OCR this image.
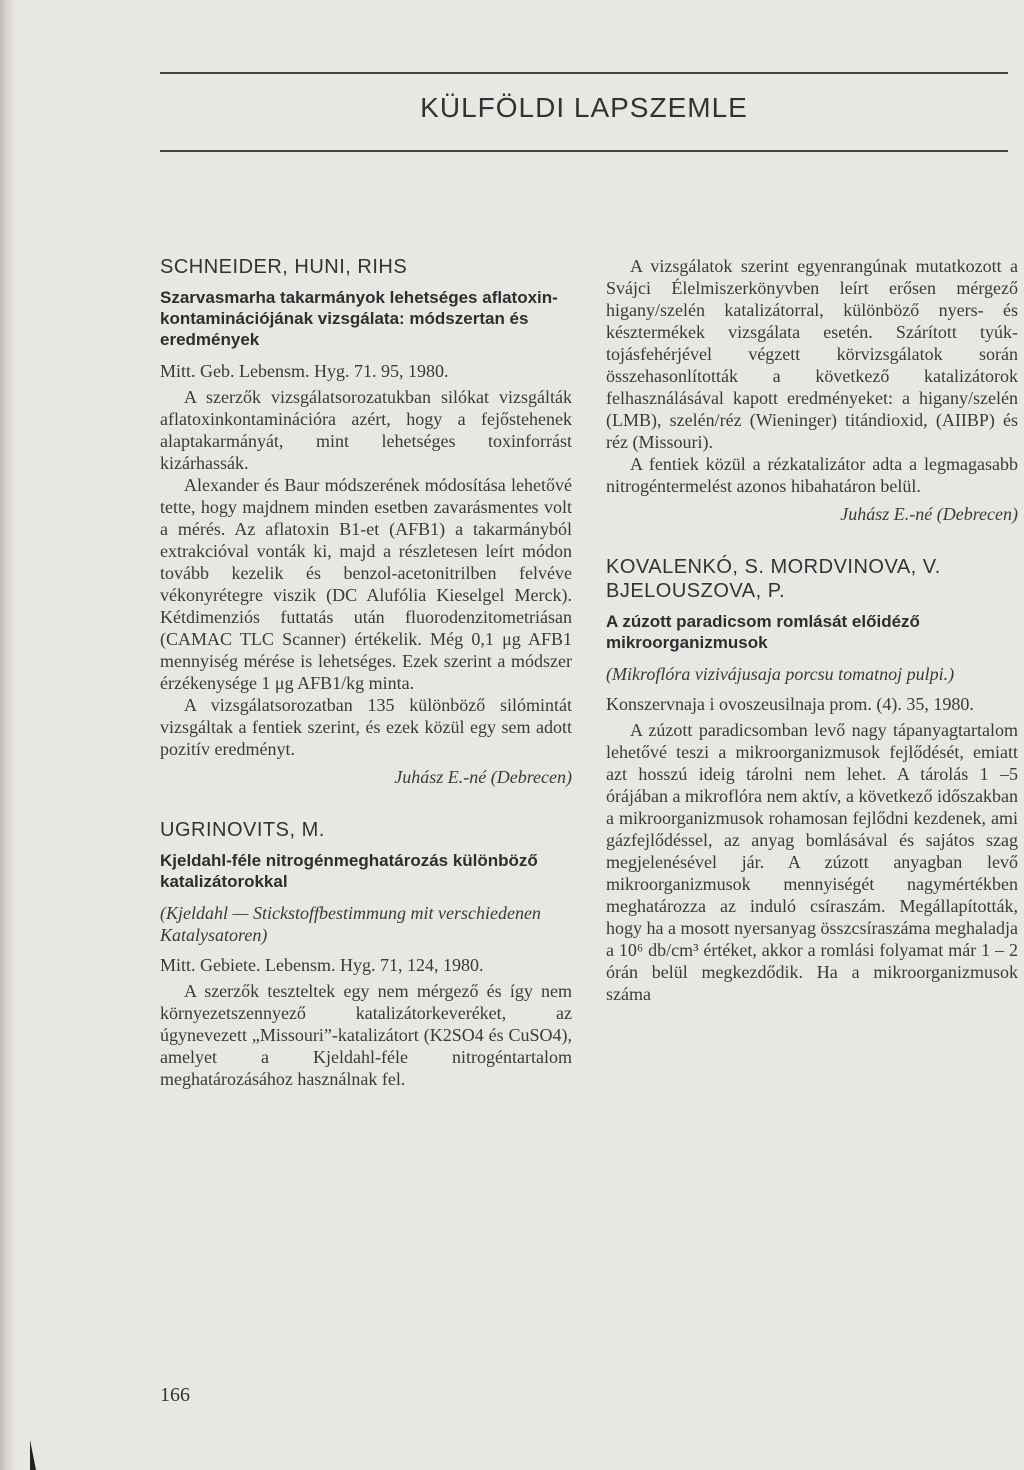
KÜLFÖLDI LAPSZEMLE

SCHNEIDER, HUNI, RIHS

Szarvasmarha takarmányok lehetséges aflatoxin-kontaminációjának vizsgálata: módszertan és eredmények

Mitt. Geb. Lebensm. Hyg. 71. 95, 1980.

A szerzők vizsgálatsorozatukban silókat vizsgálták aflatoxinkontaminációra azért, hogy a fejőstehenek alaptakarmányát, mint lehetséges toxinforrást kizárhassák.

Alexander és Baur módszerének módosítása lehetővé tette, hogy majdnem minden esetben zavarásmentes volt a mérés. Az aflatoxin B1-et (AFB1) a takarmányból extrakcióval vonták ki, majd a részletesen leírt módon tovább kezelik és benzol-acetonitrilben felvéve vékonyrétegre viszik (DC Alufólia Kieselgel Merck). Kétdimenziós futtatás után fluorodenzitometriásan (CAMAC TLC Scanner) értékelik. Még 0,1 μg AFB1 mennyiség mérése is lehetséges. Ezek szerint a módszer érzékenysége 1 μg AFB1/kg minta.

A vizsgálatsorozatban 135 különböző silómintát vizsgáltak a fentiek szerint, és ezek közül egy sem adott pozitív eredményt.

Juhász E.-né (Debrecen)

UGRINOVITS, M.

Kjeldahl-féle nitrogénmeghatározás különböző katalizátorokkal

(Kjeldahl — Stickstoffbestimmung mit verschiedenen Katalysatoren)

Mitt. Gebiete. Lebensm. Hyg. 71, 124, 1980.

A szerzők teszteltek egy nem mérgező és így nem környezetszennyező katalizátorkeveréket, az úgynevezett „Missouri”-katalizátort (K2SO4 és CuSO4), amelyet a Kjeldahl-féle nitrogéntartalom meghatározásához használnak fel.

A vizsgálatok szerint egyenrangúnak mutatkozott a Svájci Élelmiszerkönyvben leírt erősen mérgező higany/szelén katalizátorral, különböző nyers- és késztermékek vizsgálata esetén. Szárított tyúk-tojásfehérjével végzett körvizsgálatok során összehasonlították a következő katalizátorok felhasználásával kapott eredményeket: a higany/szelén (LMB), szelén/réz (Wieninger) titándioxid, (AIIBP) és réz (Missouri).

A fentiek közül a rézkatalizátor adta a legmagasabb nitrogéntermelést azonos hibahatáron belül.

Juhász E.-né (Debrecen)

KOVALENKÓ, S. MORDVINOVA, V. BJELOUSZOVA, P.

A zúzott paradicsom romlását előidéző mikroorganizmusok

(Mikroflóra vizivájusaja porcsu tomatnoj pulpi.)

Konszervnaja i ovoszeusilnaja prom. (4). 35, 1980.

A zúzott paradicsomban levő nagy tápanyagtartalom lehetővé teszi a mikroorganizmusok fejlődését, emiatt azt hosszú ideig tárolni nem lehet. A tárolás 1 –5 órájában a mikroflóra nem aktív, a következő időszakban a mikroorganizmusok rohamosan fejlődni kezdenek, ami gázfejlődéssel, az anyag bomlásával és sajátos szag megjelenésével jár. A zúzott anyagban levő mikroorganizmusok mennyiségét nagymértékben meghatározza az induló csíraszám. Megállapították, hogy ha a mosott nyersanyag összcsíraszáma meghaladja a 10⁶ db/cm³ értéket, akkor a romlási folyamat már 1 – 2 órán belül megkezdődik. Ha a mikroorganizmusok száma

166
